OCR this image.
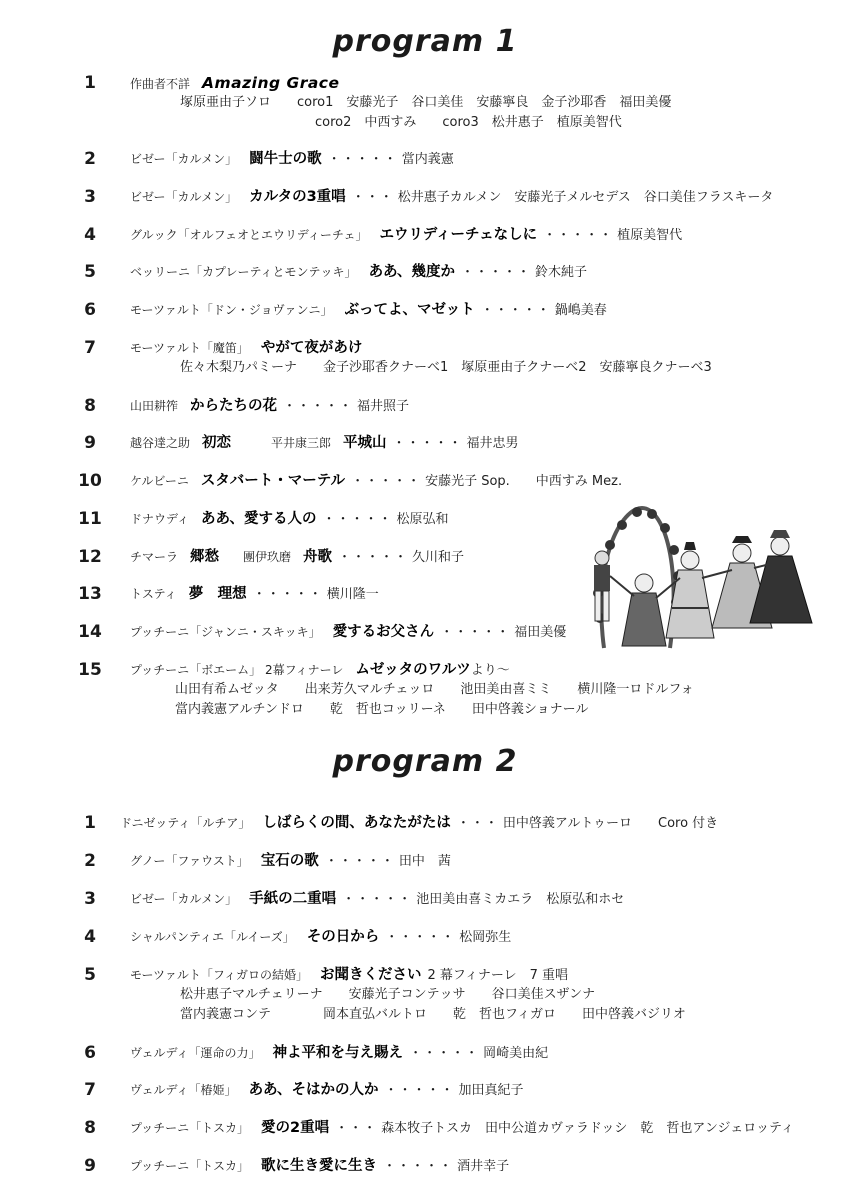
program 1
1	作曲者不詳 Amazing Grace
塚原亜由子ソロ　　coro1　安藤光子　谷口美佳　安藤寧良　金子沙耶香　福田美優
coro2　中西すみ　　coro3　松井惠子　植原美智代
2	ビゼー「カルメン」 闘牛士の歌 ・・・・・ 當内義憲
3	ビゼー「カルメン」 カルタの3重唱 ・・・ 松井惠子カルメン　安藤光子メルセデス　谷口美佳フラスキータ
4	グルック「オルフェオとエウリディーチェ」 エウリディーチェなしに ・・・・・ 植原美智代
5	ベッリーニ「カプレーティとモンテッキ」 ああ、幾度か ・・・・・ 鈴木純子
6	モーツァルト「ドン・ジョヴァンニ」 ぶってよ、マゼット ・・・・・ 鍋嶋美春
7	モーツァルト「魔笛」 やがて夜があけ
佐々木梨乃パミーナ　　金子沙耶香クナーベ1　塚原亜由子クナーベ2　安藤寧良クナーベ3
8	山田耕筰 からたちの花 ・・・・・ 福井照子
9	越谷達之助 初恋	平井康三郎 平城山 ・・・・・ 福井忠男
10	ケルビーニ スタバート・マーテル ・・・・・ 安藤光子 Sop.　　中西すみ Mez.
11	ドナウディ ああ、愛する人の ・・・・・ 松原弘和
12	チマーラ 郷愁 團伊玖磨 舟歌 ・・・・・ 久川和子
13	トスティ 夢　理想 ・・・・・ 横川隆一
14	プッチーニ「ジャンニ・スキッキ」 愛するお父さん ・・・・・ 福田美優
15	プッチーニ「ボエーム」 2幕フィナーレ ムゼッタのワルツより～
山田有希ムゼッタ　　出来芳久マルチェッロ　　池田美由喜ミミ　　横川隆一ロドルフォ
當内義憲アルチンドロ　　乾　哲也コッリーネ　　田中啓義ショナール
program 2
1	ドニゼッティ「ルチア」 しばらくの間、あなたがたは ・・・ 田中啓義アルトゥーロ　　Coro 付き
2	グノー「ファウスト」 宝石の歌 ・・・・・ 田中　茜
3	ビゼー「カルメン」 手紙の二重唱 ・・・・・ 池田美由喜ミカエラ　松原弘和ホセ
4	シャルパンティエ「ルイーズ」 その日から ・・・・・ 松岡弥生
5	モーツァルト「フィガロの結婚」 お聞きください 2 幕フィナーレ　7 重唱
松井惠子マルチェリーナ　　安藤光子コンテッサ　　谷口美佳スザンナ
當内義憲コンテ　　　　岡本直弘バルトロ　　乾　哲也フィガロ　　田中啓義バジリオ
6	ヴェルディ「運命の力」 神よ平和を与え賜え ・・・・・ 岡崎美由紀
7	ヴェルディ「椿姫」 ああ、そはかの人か ・・・・・ 加田真紀子
8	プッチーニ「トスカ」 愛の2重唱 ・・・ 森本牧子トスカ　田中公道カヴァラドッシ　乾　哲也アンジェロッティ
9	プッチーニ「トスカ」 歌に生き愛に生き ・・・・・ 酒井幸子
